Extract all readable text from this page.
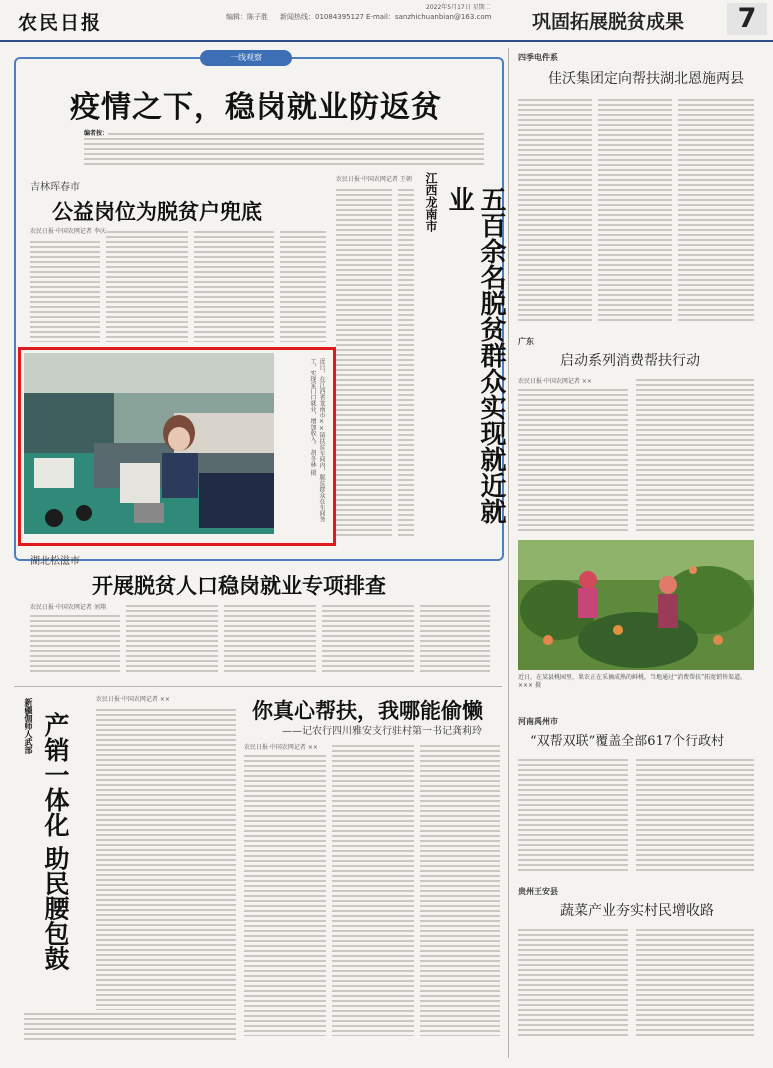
农民日报	编辑：陈子胜 新闻热线：01084395127 E-mail：sanzhichuanbian@163.com
2022年5月17日 星期二
巩固拓展脱贫成果	7
一线观察
疫情之下，稳岗就业防返贫
编者按：
吉林珲春市
公益岗位为脱贫户兜底
农民日报·中国农网记者 李庆
农民日报·中国农网记者 王朝 江西龙南市	五百余名脱贫群众实现就近就业
近日，在江西省龙南市××镇扶贫车间内，脱贫群众在车间务工，实现家门口就业，增加收入。 胡冬林 摄
湖北松滋市
开展脱贫人口稳岗就业专项排查
农民日报·中国农网记者 刘翔
新疆伽师人武部 产销一体化 助民腰包鼓
农民日报·中国农网记者 ××	你真心帮扶，我哪能偷懒
——记农行四川雅安支行驻村第一书记龚莉玲
农民日报·中国农网记者 ××
四季电件系
佳沃集团定向帮扶湖北恩施两县
广东
启动系列消费帮扶行动
农民日报·中国农网记者 ××
近日，在某县桃园里，果农正在采摘成熟的鲜桃，当地通过“消费帮扶”拓宽销售渠道。 ××× 摄
河南禹州市
“双帮双联”覆盖全部617个行政村
贵州王安县
蔬菜产业夯实村民增收路
